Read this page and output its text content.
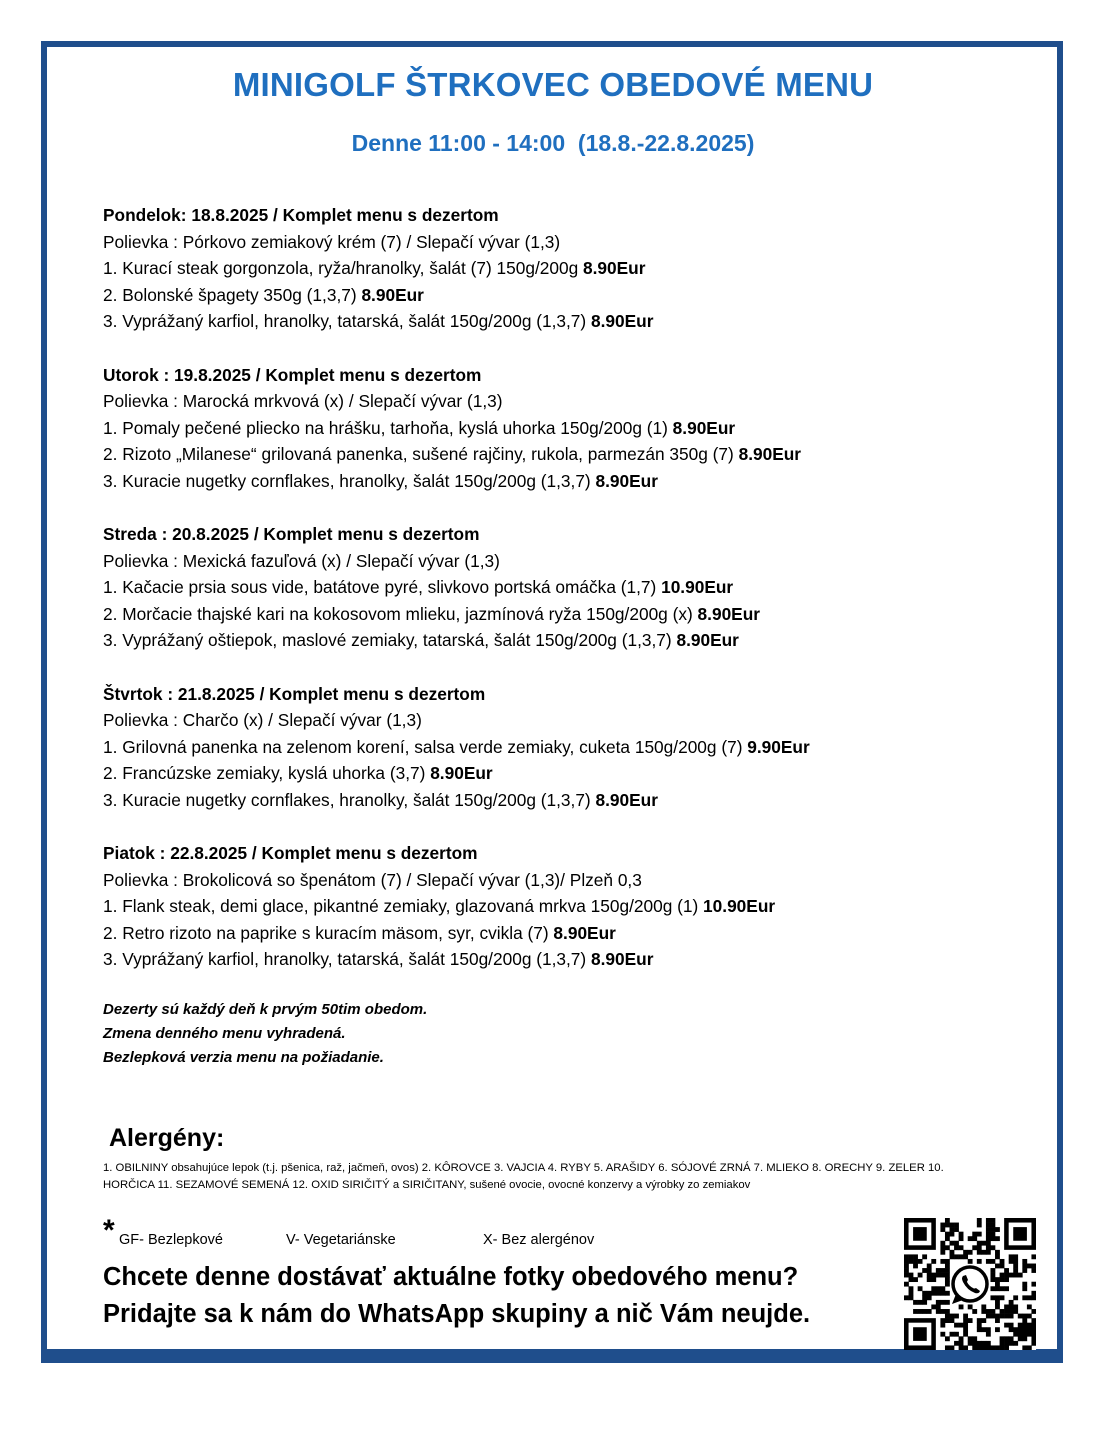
MINIGOLF ŠTRKOVEC OBEDOVÉ MENU
Denne 11:00 - 14:00  (18.8.-22.8.2025)
Pondelok: 18.8.2025 / Komplet menu s dezertom
Polievka : Pórkovo zemiakový krém (7) / Slepačí vývar (1,3)
1. Kurací steak gorgonzola, ryža/hranolky, šalát (7) 150g/200g 8.90Eur
2. Bolonské špagety 350g (1,3,7) 8.90Eur
3. Vyprážaný karfiol, hranolky, tatarská, šalát 150g/200g (1,3,7) 8.90Eur
Utorok : 19.8.2025 / Komplet menu s dezertom
Polievka : Marocká mrkvová (x) / Slepačí vývar (1,3)
1. Pomaly pečené pliecko na hrášku, tarhoňa, kyslá uhorka 150g/200g (1) 8.90Eur
2. Rizoto „Milanese“ grilovaná panenka, sušené rajčiny, rukola, parmezán 350g (7) 8.90Eur
3. Kuracie nugetky cornflakes, hranolky, šalát 150g/200g (1,3,7) 8.90Eur
Streda : 20.8.2025 / Komplet menu s dezertom
Polievka : Mexická fazuľová (x) / Slepačí vývar (1,3)
1. Kačacie prsia sous vide, batátove pyré, slivkovo portská omáčka (1,7) 10.90Eur
2. Morčacie thajské kari na kokosovom mlieku, jazmínová ryža 150g/200g (x) 8.90Eur
3. Vyprážaný oštiepok, maslové zemiaky, tatarská, šalát 150g/200g (1,3,7) 8.90Eur
Štvrtok : 21.8.2025 / Komplet menu s dezertom
Polievka : Charčo (x) / Slepačí vývar (1,3)
1. Grilovná panenka na zelenom korení, salsa verde zemiaky, cuketa 150g/200g (7) 9.90Eur
2. Francúzske zemiaky, kyslá uhorka (3,7) 8.90Eur
3. Kuracie nugetky cornflakes, hranolky, šalát 150g/200g (1,3,7) 8.90Eur
Piatok : 22.8.2025 / Komplet menu s dezertom
Polievka : Brokolicová so špenátom (7) / Slepačí vývar (1,3)/ Plzeň 0,3
1. Flank steak, demi glace, pikantné zemiaky, glazovaná mrkva 150g/200g (1) 10.90Eur
2. Retro rizoto na paprike s kuracím mäsom, syr, cvikla (7) 8.90Eur
3. Vyprážaný karfiol, hranolky, tatarská, šalát 150g/200g (1,3,7) 8.90Eur
Dezerty sú každý deň k prvým 50tim obedom.
Zmena denného menu vyhradená.
Bezlepková verzia menu na požiadanie.
Alergény:
1. OBILNINY obsahujúce lepok (t.j. pšenica, raž, jačmeň, ovos) 2. KÔROVCE 3. VAJCIA 4. RYBY 5. ARAŠIDY 6. SÓJOVÉ ZRNÁ 7. MLIEKO 8. ORECHY 9. ZELER 10. HORČICA 11. SEZAMOVÉ SEMENÁ 12. OXID SIRIČITÝ a SIRIČITANY, sušené ovocie, ovocné konzervy a výrobky zo zemiakov
* GF- Bezlepkové	V- Vegetariánske	X- Bez alergénov
Chcete denne dostávať aktuálne fotky obedového menu?
Pridajte sa k nám do WhatsApp skupiny a nič Vám neujde.
